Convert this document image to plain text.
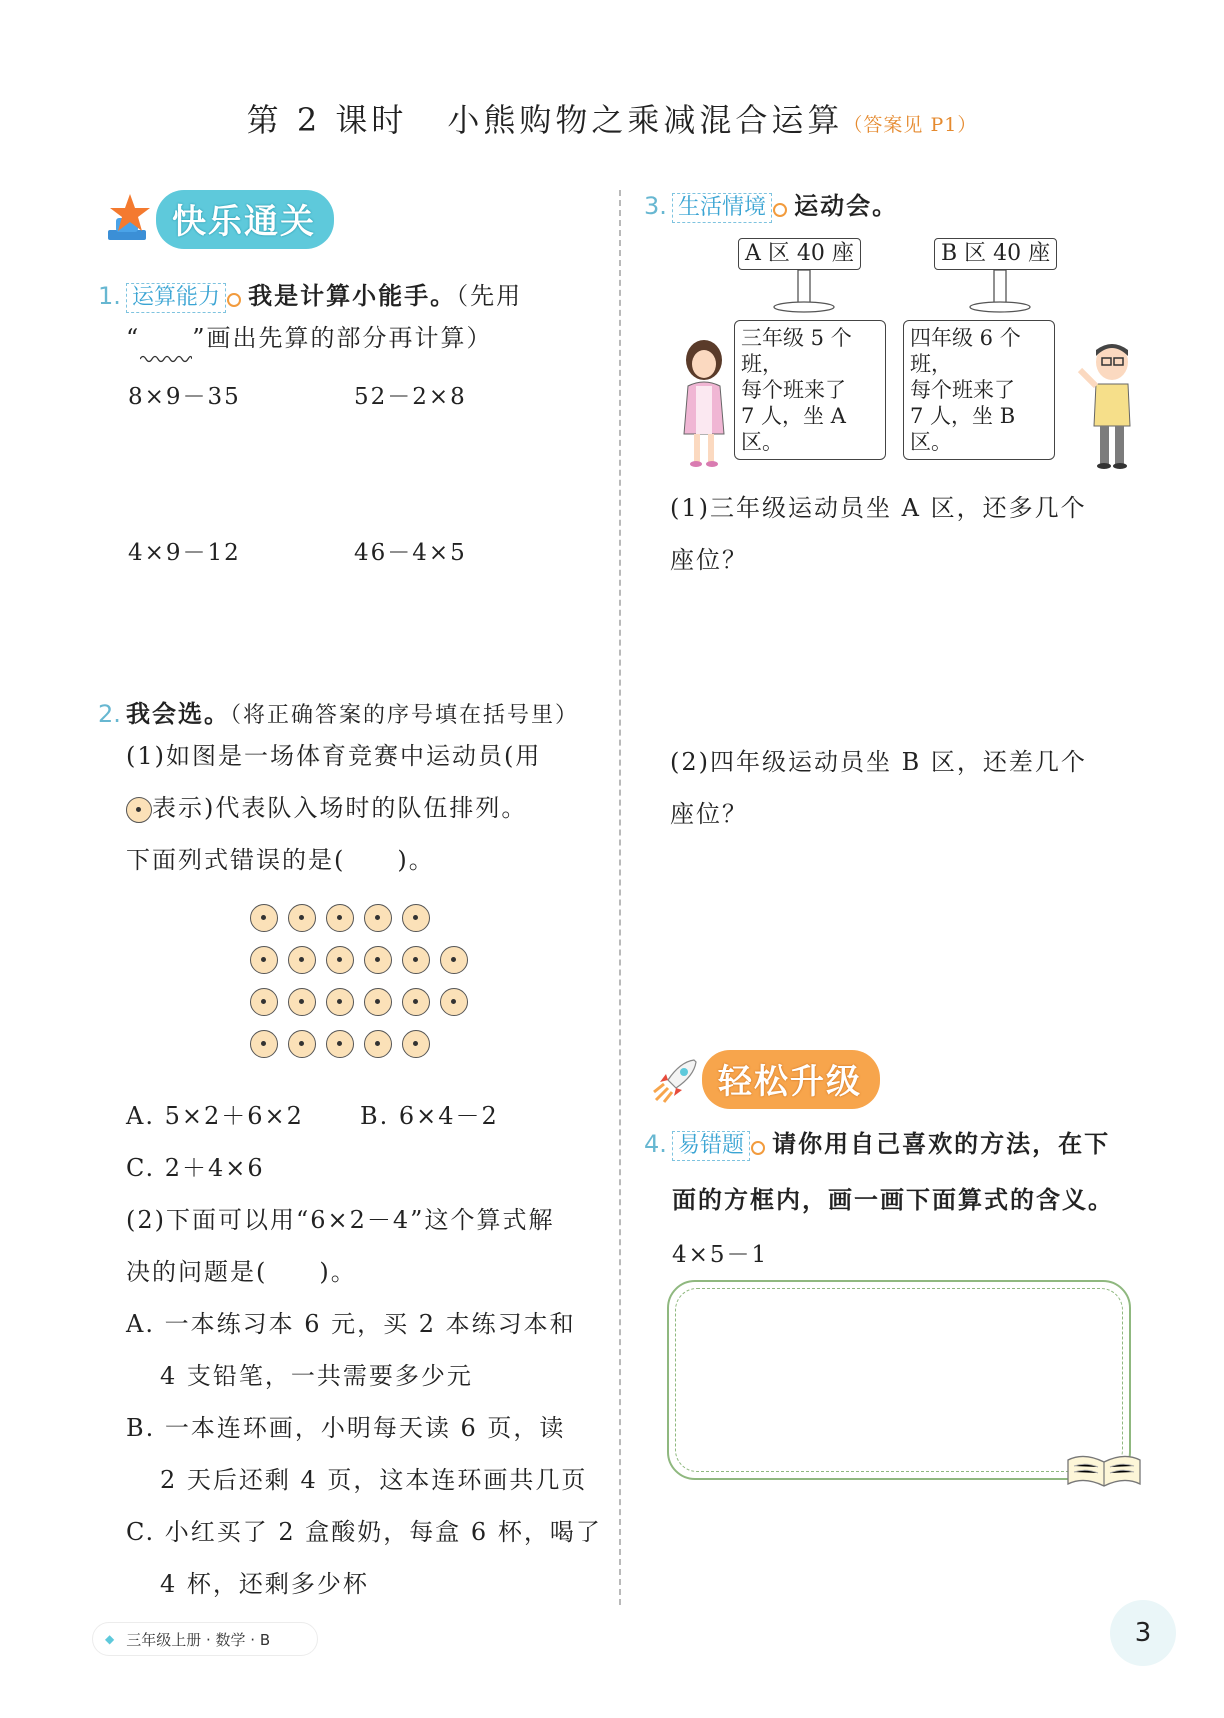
第 2 课时 小熊购物之乘减混合运算（答案见 P1）
快乐通关
1. 运算能力 我是计算小能手。（先用
“ ”画出先算的部分再计算）
8×9－35	52－2×8
4×9－12	46－4×5
2. 我会选。（将正确答案的序号填在括号里）
(1)如图是一场体育竞赛中运动员(用
表示)代表队入场时的队伍排列。
下面列式错误的是(　　)。
A. 5×2＋6×2 B. 6×4－2
C. 2＋4×6
(2)下面可以用“6×2－4”这个算式解
决的问题是(　　)。
A. 一本练习本 6 元，买 2 本练习本和
4 支铅笔，一共需要多少元
B. 一本连环画，小明每天读 6 页，读
2 天后还剩 4 页，这本连环画共几页
C. 小红买了 2 盒酸奶，每盒 6 杯，喝了
4 杯，还剩多少杯
3. 生活情境 运动会。
A 区 40 座	B 区 40 座
三年级 5 个班，
每个班来了
7 人，坐 A 区。
四年级 6 个班，
每个班来了
7 人，坐 B 区。
(1)三年级运动员坐 A 区，还多几个
座位？
(2)四年级运动员坐 B 区，还差几个
座位？
轻松升级
4. 易错题 请你用自己喜欢的方法，在下
面的方框内，画一画下面算式的含义。
4×5－1
◆ 三年级上册 · 数学 · B	3
